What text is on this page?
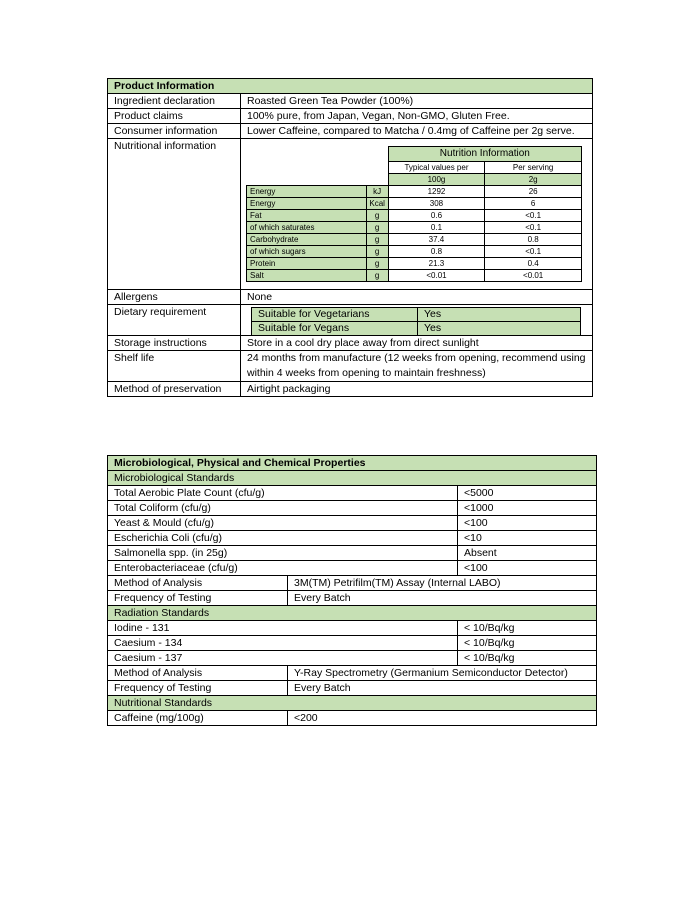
Product Information
Ingredient declaration	Roasted Green Tea Powder (100%)
Product claims	100% pure, from Japan, Vegan, Non-GMO, Gluten Free.
Consumer information	Lower Caffeine, compared to Matcha / 0.4mg of Caffeine per 2g serve.
Nutritional information	
	Nutrition Information
	Typical values per	Per serving
	100g	2g
Energy	kJ	1292	26
Energy	Kcal	308	6
Fat	g	0.6	<0.1
of which saturates	g	0.1	<0.1
Carbohydrate	g	37.4	0.8
of which sugars	g	0.8	<0.1
Protein	g	21.3	0.4
Salt	g	<0.01	<0.01

Allergens	None
Dietary requirement		Suitable for Vegetarians	Yes
Suitable for Vegans	Yes

Storage instructions	Store in a cool dry place away from direct sunlight
Shelf life	24 months from manufacture (12 weeks from opening, recommend using within 4 weeks from opening to maintain freshness)
Method of preservation	Airtight packaging
Microbiological, Physical and Chemical Properties		
Microbiological Standards		
Total Aerobic Plate Count (cfu/g)		<5000
Total Coliform (cfu/g)		<1000
Yeast & Mould (cfu/g)		<100
Escherichia Coli (cfu/g)		<10
Salmonella spp. (in 25g)		Absent
Enterobacteriaceae (cfu/g)		<100
Method of Analysis	3M(TM) Petrifilm(TM) Assay (Internal LABO)	
Frequency of Testing	Every Batch	
Radiation Standards		
Iodine - 131		< 10/Bq/kg
Caesium - 134		< 10/Bq/kg
Caesium - 137		< 10/Bq/kg
Method of Analysis	Y-Ray Spectrometry (Germanium Semiconductor Detector)	
Frequency of Testing	Every Batch	
Nutritional Standards		
Caffeine (mg/100g)	<200	
